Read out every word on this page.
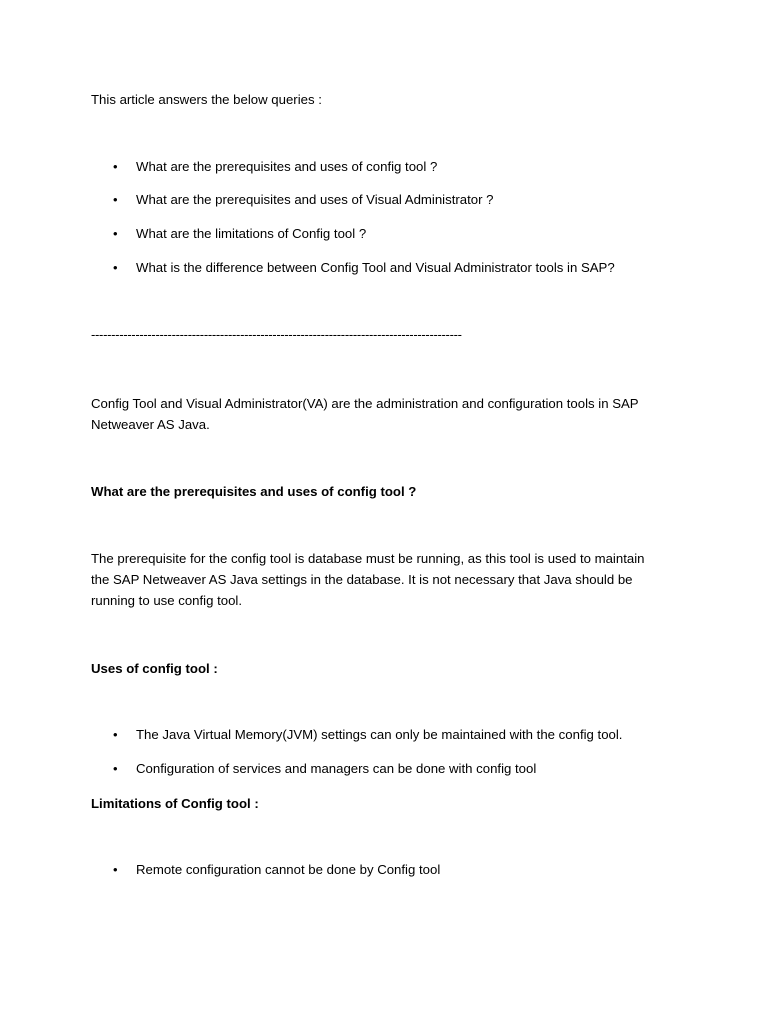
This article answers the below queries :
• What are the prerequisites and uses of config tool ?
• What are the prerequisites and uses of Visual Administrator ?
• What are the limitations of Config tool ?
• What is the difference between Config Tool and Visual Administrator tools in SAP?
--------------------------------------------------------------------------------------------
Config Tool and Visual Administrator(VA) are the administration and configuration tools in SAP
Netweaver AS Java.
What are the prerequisites and uses of config tool ?
The prerequisite for the config tool is database must be running, as this tool is used to maintain
the SAP Netweaver AS Java settings in the database. It is not necessary that Java should be
running to use config tool.
Uses of config tool :
• The Java Virtual Memory(JVM) settings can only be maintained with the config tool.
• Configuration of services and managers can be done with config tool
Limitations of Config tool :
• Remote configuration cannot be done by Config tool
